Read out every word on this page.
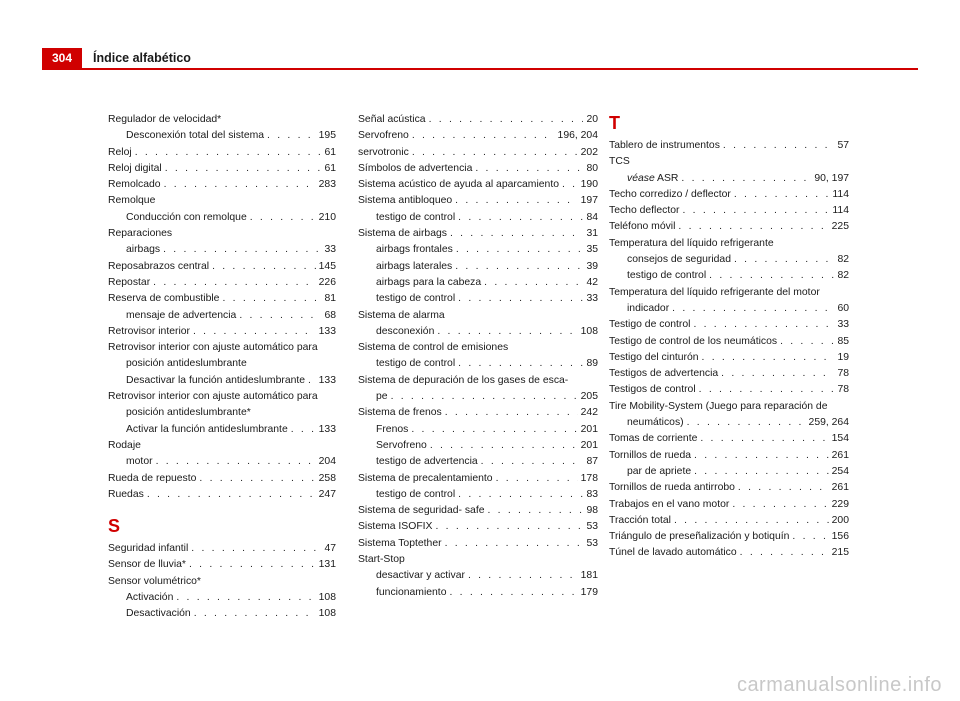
304	Índice alfabético
Regulador de velocidad*
Desconexión total del sistema . . .	195
Reloj . . .	61
Reloj digital . . .	61
Remolcado . . .	283
Remolque
Conducción con remolque . . .	210
Reparaciones
airbags . . .	33
Reposabrazos central . . .	145
Repostar . . .	226
Reserva de combustible . . .	81
mensaje de advertencia . . .	68
Retrovisor interior . . .	133
Retrovisor interior con ajuste automático para
posición antideslumbrante
Desactivar la función antideslumbrante . . . 133
Retrovisor interior con ajuste automático para
posición antideslumbrante*
Activar la función antideslumbrante . . .	133
Rodaje
motor . . .	204
Rueda de repuesto . . .	258
Ruedas . . .	247
S
Seguridad infantil . . .	47
Sensor de lluvia* . . .	131
Sensor volumétrico*
Activación . . .	108
Desactivación . . .	108
Señal acústica . . .	20
Servofreno . . .	196, 204
servotronic . . .	202
Símbolos de advertencia . . .	80
Sistema acústico de ayuda al aparcamiento . . . 190
Sistema antibloqueo . . .	197
testigo de control . . .	84
Sistema de airbags . . .	31
airbags frontales . . .	35
airbags laterales . . .	39
airbags para la cabeza . . .	42
testigo de control . . .	33
Sistema de alarma
desconexión . . .	108
Sistema de control de emisiones
testigo de control . . .	89
Sistema de depuración de los gases de esca-
pe . . .	205
Sistema de frenos . . .	242
Frenos . . .	201
Servofreno . . .	201
testigo de advertencia . . .	87
Sistema de precalentamiento . . .	178
testigo de control . . .	83
Sistema de seguridad- safe . . .	98
Sistema ISOFIX . . .	53
Sistema Toptether . . .	53
Start-Stop
desactivar y activar . . .	181
funcionamiento . . .	179
T
Tablero de instrumentos . . .	57
TCS
véase ASR . . .	90, 197
Techo corredizo / deflector . . .	114
Techo deflector . . .	114
Teléfono móvil . . .	225
Temperatura del líquido refrigerante
consejos de seguridad . . .	82
testigo de control . . .	82
Temperatura del líquido refrigerante del motor
indicador . . .	60
Testigo de control . . .	33
Testigo de control de los neumáticos . . .	85
Testigo del cinturón . . .	19
Testigos de advertencia . . .	78
Testigos de control . . .	78
Tire Mobility-System (Juego para reparación de
neumáticos) . . .	259, 264
Tomas de corriente . . .	154
Tornillos de rueda . . .	261
par de apriete . . .	254
Tornillos de rueda antirrobo . . .	261
Trabajos en el vano motor . . .	229
Tracción total . . .	200
Triángulo de preseñalización y botiquín . . .	156
Túnel de lavado automático . . .	215
carmanualsonline.info
